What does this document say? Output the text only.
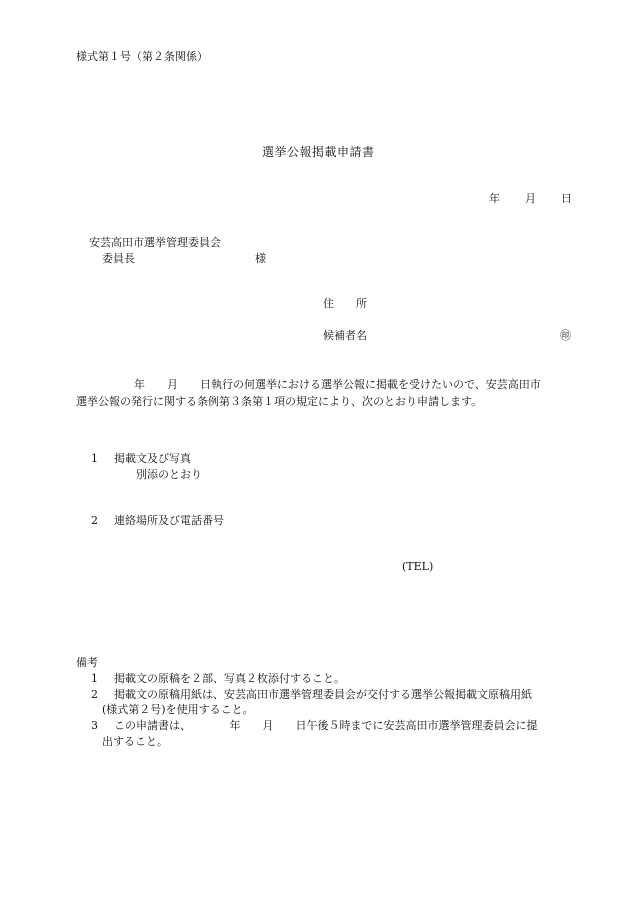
様式第１号（第２条関係）
選挙公報掲載申請書
年　　月　　日
安芸高田市選挙管理委員会
委員長	様
住　　所
候補者名	㊞
年　　月　　日執行の何選挙における選挙公報に掲載を受けたいので、安芸高田市
選挙公報の発行に関する条例第３条第１項の規定により、次のとおり申請します。
1 掲載文及び写真
別添のとおり
2 連絡場所及び電話番号
(TEL)
備考
1 掲載文の原稿を２部、写真２枚添付すること。
2 掲載文の原稿用紙は、安芸高田市選挙管理委員会が交付する選挙公報掲載文原稿用紙
(様式第２号)を使用すること。
3 この申請書は、　　　　年　　月　　日午後５時までに安芸高田市選挙管理委員会に提
出すること。
